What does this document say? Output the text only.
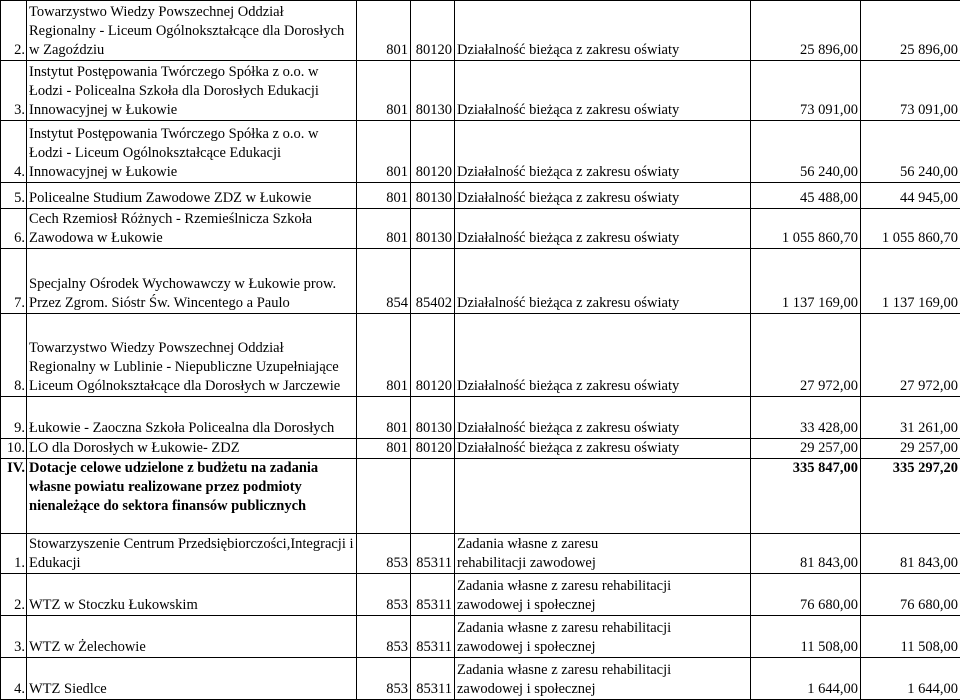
2.	Towarzystwo Wiedzy Powszechnej Oddział Regionalny - Liceum Ogólnokształcące dla Dorosłych w Zagoździu	801	80120	Działalność bieżąca z zakresu oświaty	25 896,00	25 896,00
3.	Instytut Postępowania Twórczego Spółka z o.o. w Łodzi - Policealna Szkoła dla Dorosłych Edukacji Innowacyjnej w Łukowie	801	80130	Działalność bieżąca z zakresu oświaty	73 091,00	73 091,00
4.	Instytut Postępowania Twórczego Spółka z o.o. w Łodzi - Liceum Ogólnokształcące Edukacji Innowacyjnej w Łukowie	801	80120	Działalność bieżąca z zakresu oświaty	56 240,00	56 240,00
5.	Policealne Studium Zawodowe ZDZ w Łukowie	801	80130	Działalność bieżąca z zakresu oświaty	45 488,00	44 945,00
6.	Cech Rzemiosł Różnych - Rzemieślnicza Szkoła Zawodowa w Łukowie	801	80130	Działalność bieżąca z zakresu oświaty	1 055 860,70	1 055 860,70
7.	Specjalny Ośrodek Wychowawczy w Łukowie prow. Przez Zgrom. Sióstr Św. Wincentego a Paulo	854	85402	Działalność bieżąca z zakresu oświaty	1 137 169,00	1 137 169,00
8.	Towarzystwo Wiedzy Powszechnej Oddział Regionalny w Lublinie - Niepubliczne Uzupełniające Liceum Ogólnokształcące dla Dorosłych w Jarczewie	801	80120	Działalność bieżąca z zakresu oświaty	27 972,00	27 972,00
9.	Łukowie - Zaoczna Szkoła Policealna dla Dorosłych	801	80130	Działalność bieżąca z zakresu oświaty	33 428,00	31 261,00
10.	LO dla Dorosłych w Łukowie- ZDZ	801	80120	Działalność bieżąca z zakresu oświaty	29 257,00	29 257,00
IV.	Dotacje celowe udzielone z budżetu na zadania własne powiatu realizowane przez podmioty nienależące do sektora finansów publicznych				335 847,00	335 297,20
1.	Stowarzyszenie Centrum Przedsiębiorczości,Integracji i Edukacji	853	85311	Zadania własne z zaresu rehabilitacji zawodowej	81 843,00	81 843,00
2.	WTZ w Stoczku Łukowskim	853	85311	Zadania własne z zaresu rehabilitacji zawodowej i społecznej	76 680,00	76 680,00
3.	WTZ w Żelechowie	853	85311	Zadania własne z zaresu rehabilitacji zawodowej i społecznej	11 508,00	11 508,00
4.	WTZ Siedlce	853	85311	Zadania własne z zaresu rehabilitacji zawodowej i społecznej	1 644,00	1 644,00
